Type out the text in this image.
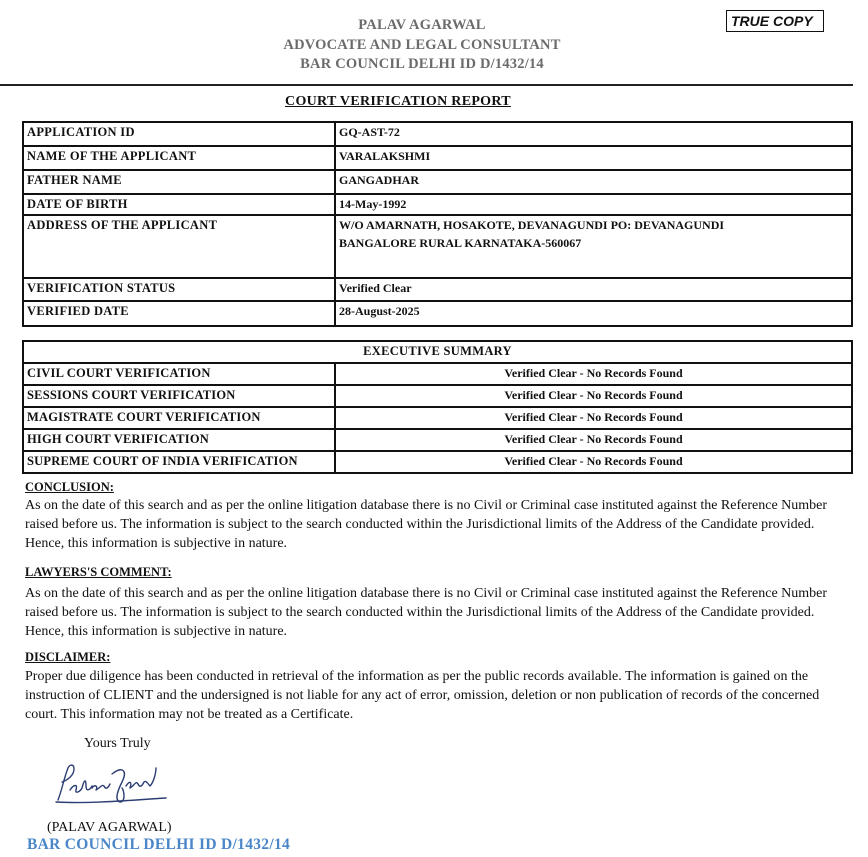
PALAV AGARWAL
ADVOCATE AND LEGAL CONSULTANT
BAR COUNCIL DELHI ID D/1432/14
TRUE COPY
COURT VERIFICATION REPORT
APPLICATION ID	GQ-AST-72
NAME OF THE APPLICANT	VARALAKSHMI
FATHER NAME	GANGADHAR
DATE OF BIRTH	14-May-1992
ADDRESS OF THE APPLICANT	W/O AMARNATH, HOSAKOTE, DEVANAGUNDI PO: DEVANAGUNDI
BANGALORE RURAL KARNATAKA-560067

VERIFICATION STATUS	Verified Clear
VERIFIED DATE	28-August-2025
EXECUTIVE SUMMARY	
CIVIL COURT VERIFICATION	Verified Clear - No Records Found
SESSIONS COURT VERIFICATION	Verified Clear - No Records Found
MAGISTRATE COURT VERIFICATION	Verified Clear - No Records Found
HIGH COURT VERIFICATION	Verified Clear - No Records Found
SUPREME COURT OF INDIA VERIFICATION	Verified Clear - No Records Found
CONCLUSION:
As on the date of this search and as per the online litigation database there is no Civil or Criminal case instituted against the Reference Number raised before us. The information is subject to the search conducted within the Jurisdictional limits of the Address of the Candidate provided. Hence, this information is subjective in nature.
LAWYERS'S COMMENT:
As on the date of this search and as per the online litigation database there is no Civil or Criminal case instituted against the Reference Number raised before us. The information is subject to the search conducted within the Jurisdictional limits of the Address of the Candidate provided. Hence, this information is subjective in nature.
DISCLAIMER:
Proper due diligence has been conducted in retrieval of the information as per the public records available. The information is gained on the instruction of CLIENT and the undersigned is not liable for any act of error, omission, deletion or non publication of records of the concerned court. This information may not be treated as a Certificate.
Yours Truly
(PALAV AGARWAL)
BAR COUNCIL DELHI ID D/1432/14
